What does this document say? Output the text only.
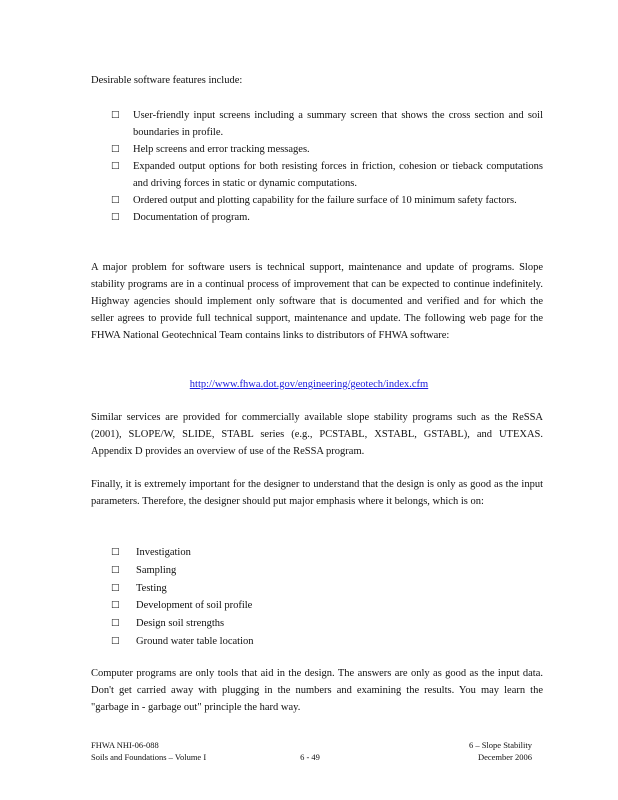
Desirable software features include:

□ User-friendly input screens including a summary screen that shows the cross section and soil boundaries in profile.
□ Help screens and error tracking messages.
□ Expanded output options for both resisting forces in friction, cohesion or tieback computations and driving forces in static or dynamic computations.
□ Ordered output and plotting capability for the failure surface of 10 minimum safety factors.
□ Documentation of program.

A major problem for software users is technical support, maintenance and update of programs. Slope stability programs are in a continual process of improvement that can be expected to continue indefinitely. Highway agencies should implement only software that is documented and verified and for which the seller agrees to provide full technical support, maintenance and update. The following web page for the FHWA National Geotechnical Team contains links to distributors of FHWA software:

http://www.fhwa.dot.gov/engineering/geotech/index.cfm

Similar services are provided for commercially available slope stability programs such as the ReSSA (2001), SLOPE/W, SLIDE, STABL series (e.g., PCSTABL, XSTABL, GSTABL), and UTEXAS. Appendix D provides an overview of use of the ReSSA program.

Finally, it is extremely important for the designer to understand that the design is only as good as the input parameters. Therefore, the designer should put major emphasis where it belongs, which is on:

□ Investigation
□ Sampling
□ Testing
□ Development of soil profile
□ Design soil strengths
□ Ground water table location

Computer programs are only tools that aid in the design. The answers are only as good as the input data. Don't get carried away with plugging in the numbers and examining the results. You may learn the "garbage in - garbage out" principle the hard way.

FHWA NHI-06-088
Soils and Foundations – Volume I	6 - 49
6 – Slope Stability
December 2006
